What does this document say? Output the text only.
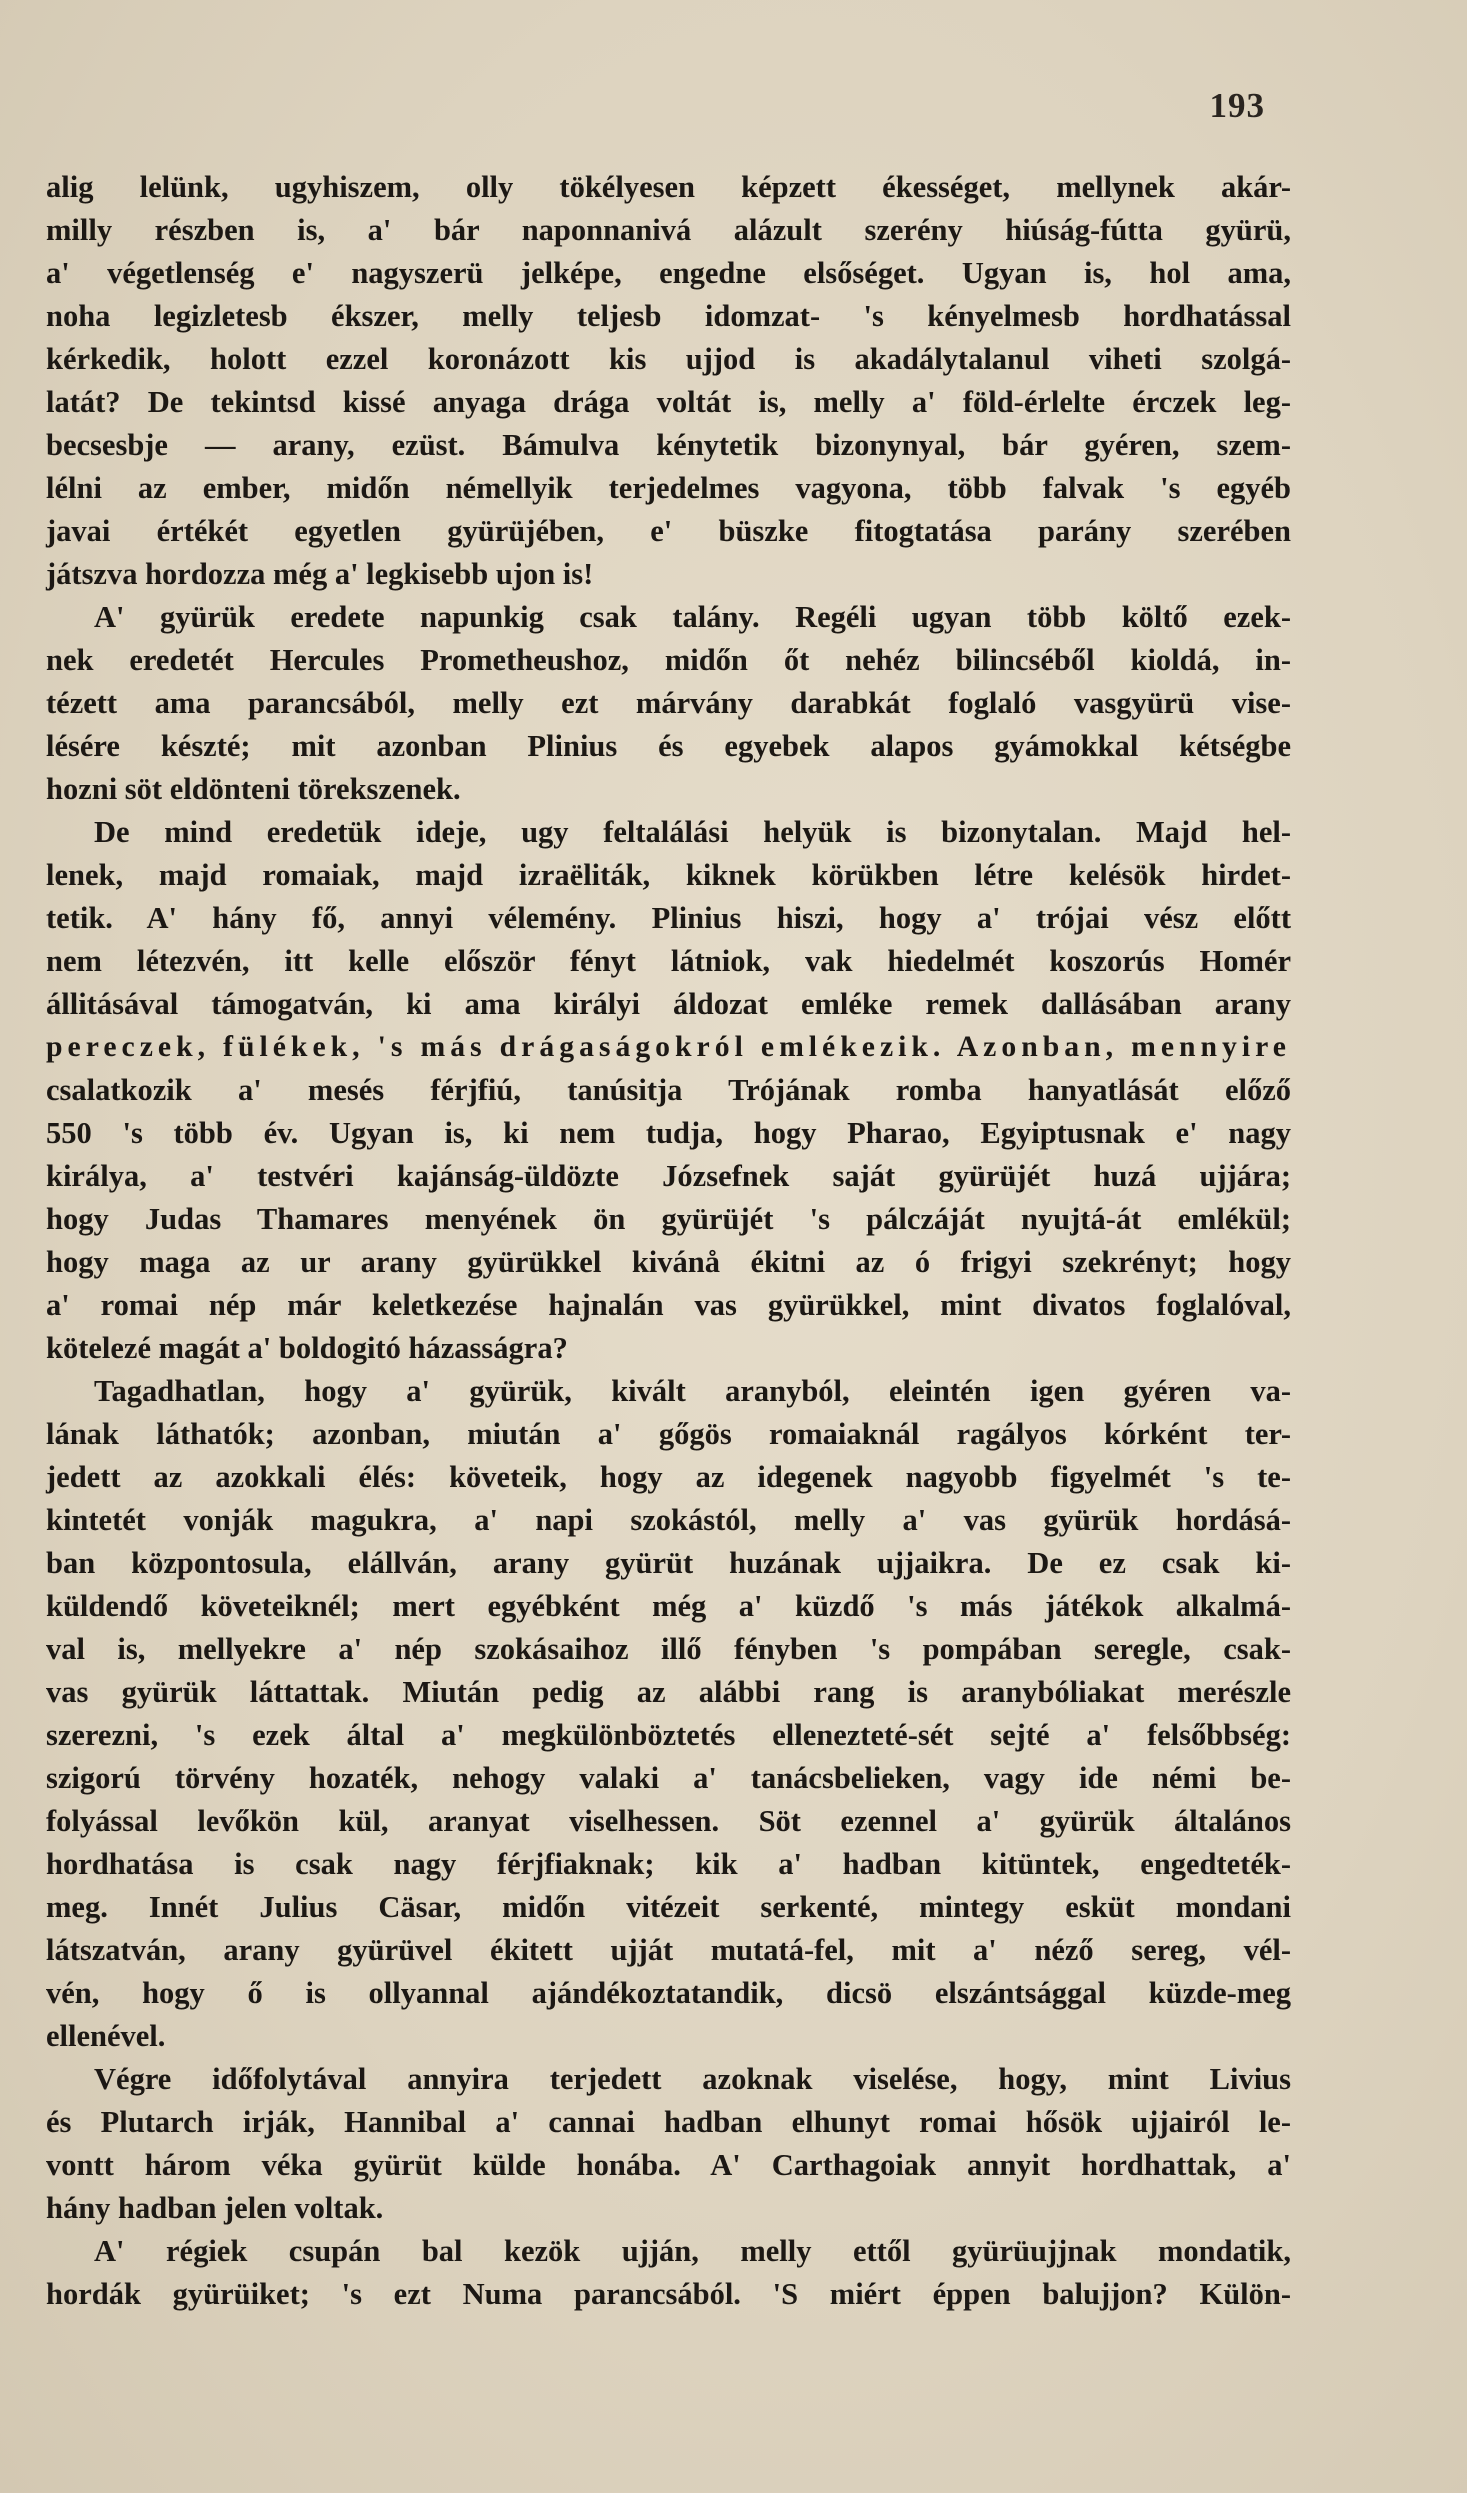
193
alig lelünk, ugyhiszem, olly tökélyesen képzett ékességet, mellynek akár-
milly részben is, a' bár naponnanivá alázult szerény hiúság-fútta gyürü,
a' végetlenség e' nagyszerü jelképe, engedne elsőséget. Ugyan is, hol ama,
noha legizletesb ékszer, melly teljesb idomzat- 's kényelmesb hordhatással
kérkedik, holott ezzel koronázott kis ujjod is akadálytalanul viheti szolgá-
latát? De tekintsd kissé anyaga drága voltát is, melly a' föld-érlelte érczek leg-
becsesbje — arany, ezüst. Bámulva kénytetik bizonynyal, bár gyéren, szem-
lélni az ember, midőn némellyik terjedelmes vagyona, több falvak 's egyéb
javai értékét egyetlen gyürüjében, e' büszke fitogtatása parány szerében
játszva hordozza még a' legkisebb ujon is!
A' gyürük eredete napunkig csak talány. Regéli ugyan több költő ezek-
nek eredetét Hercules Prometheushoz, midőn őt nehéz bilincséből kioldá, in-
tézett ama parancsából, melly ezt márvány darabkát foglaló vasgyürü vise-
lésére készté; mit azonban Plinius és egyebek alapos gyámokkal kétségbe
hozni söt eldönteni törekszenek.
De mind eredetük ideje, ugy feltalálási helyük is bizonytalan. Majd hel-
lenek, majd romaiak, majd izraëliták, kiknek körükben létre kelésök hirdet-
tetik. A' hány fő, annyi vélemény. Plinius hiszi, hogy a' trójai vész előtt
nem létezvén, itt kelle először fényt látniok, vak hiedelmét koszorús Homér
állitásával támogatván, ki ama királyi áldozat emléke remek dallásában arany
pereczek, fülékek, 's más drágaságokról emlékezik. Azonban, mennyire
csalatkozik a' mesés férjfiú, tanúsitja Trójának romba hanyatlását előző
550 's több év. Ugyan is, ki nem tudja, hogy Pharao, Egyiptusnak e' nagy
királya, a' testvéri kajánság-üldözte Józsefnek saját gyürüjét huzá ujjára;
hogy Judas Thamares menyének ön gyürüjét 's pálczáját nyujtá-át emlékül;
hogy maga az ur arany gyürükkel kivánå ékitni az ó frigyi szekrényt; hogy
a' romai nép már keletkezése hajnalán vas gyürükkel, mint divatos foglalóval,
kötelezé magát a' boldogitó házasságra?
Tagadhatlan, hogy a' gyürük, kivált aranyból, eleintén igen gyéren va-
lának láthatók; azonban, miután a' gőgös romaiaknál ragályos kórként ter-
jedett az azokkali élés: követeik, hogy az idegenek nagyobb figyelmét 's te-
kintetét vonják magukra, a' napi szokástól, melly a' vas gyürük hordásá-
ban központosula, elállván, arany gyürüt huzának ujjaikra. De ez csak ki-
küldendő követeiknél; mert egyébként még a' küzdő 's más játékok alkalmá-
val is, mellyekre a' nép szokásaihoz illő fényben 's pompában seregle, csak-
vas gyürük láttattak. Miután pedig az alábbi rang is aranybóliakat merészle
szerezni, 's ezek által a' megkülönböztetés ellenezteté-sét sejté a' felsőbbség:
szigorú törvény hozaték, nehogy valaki a' tanácsbelieken, vagy ide némi be-
folyással levőkön kül, aranyat viselhessen. Söt ezennel a' gyürük általános
hordhatása is csak nagy férjfiaknak; kik a' hadban kitüntek, engedteték-
meg. Innét Julius Cäsar, midőn vitézeit serkenté, mintegy esküt mondani
látszatván, arany gyürüvel ékitett ujját mutatá-fel, mit a' néző sereg, vél-
vén, hogy ő is ollyannal ajándékoztatandik, dicsö elszántsággal küzde-meg
ellenével.
Végre időfolytával annyira terjedett azoknak viselése, hogy, mint Livius
és Plutarch irják, Hannibal a' cannai hadban elhunyt romai hősök ujjairól le-
vontt három véka gyürüt külde honába. A' Carthagoiak annyit hordhattak, a'
hány hadban jelen voltak.
A' régiek csupán bal kezök ujján, melly ettől gyürüujjnak mondatik,
hordák gyürüiket; 's ezt Numa parancsából. 'S miért éppen balujjon? Külön-
